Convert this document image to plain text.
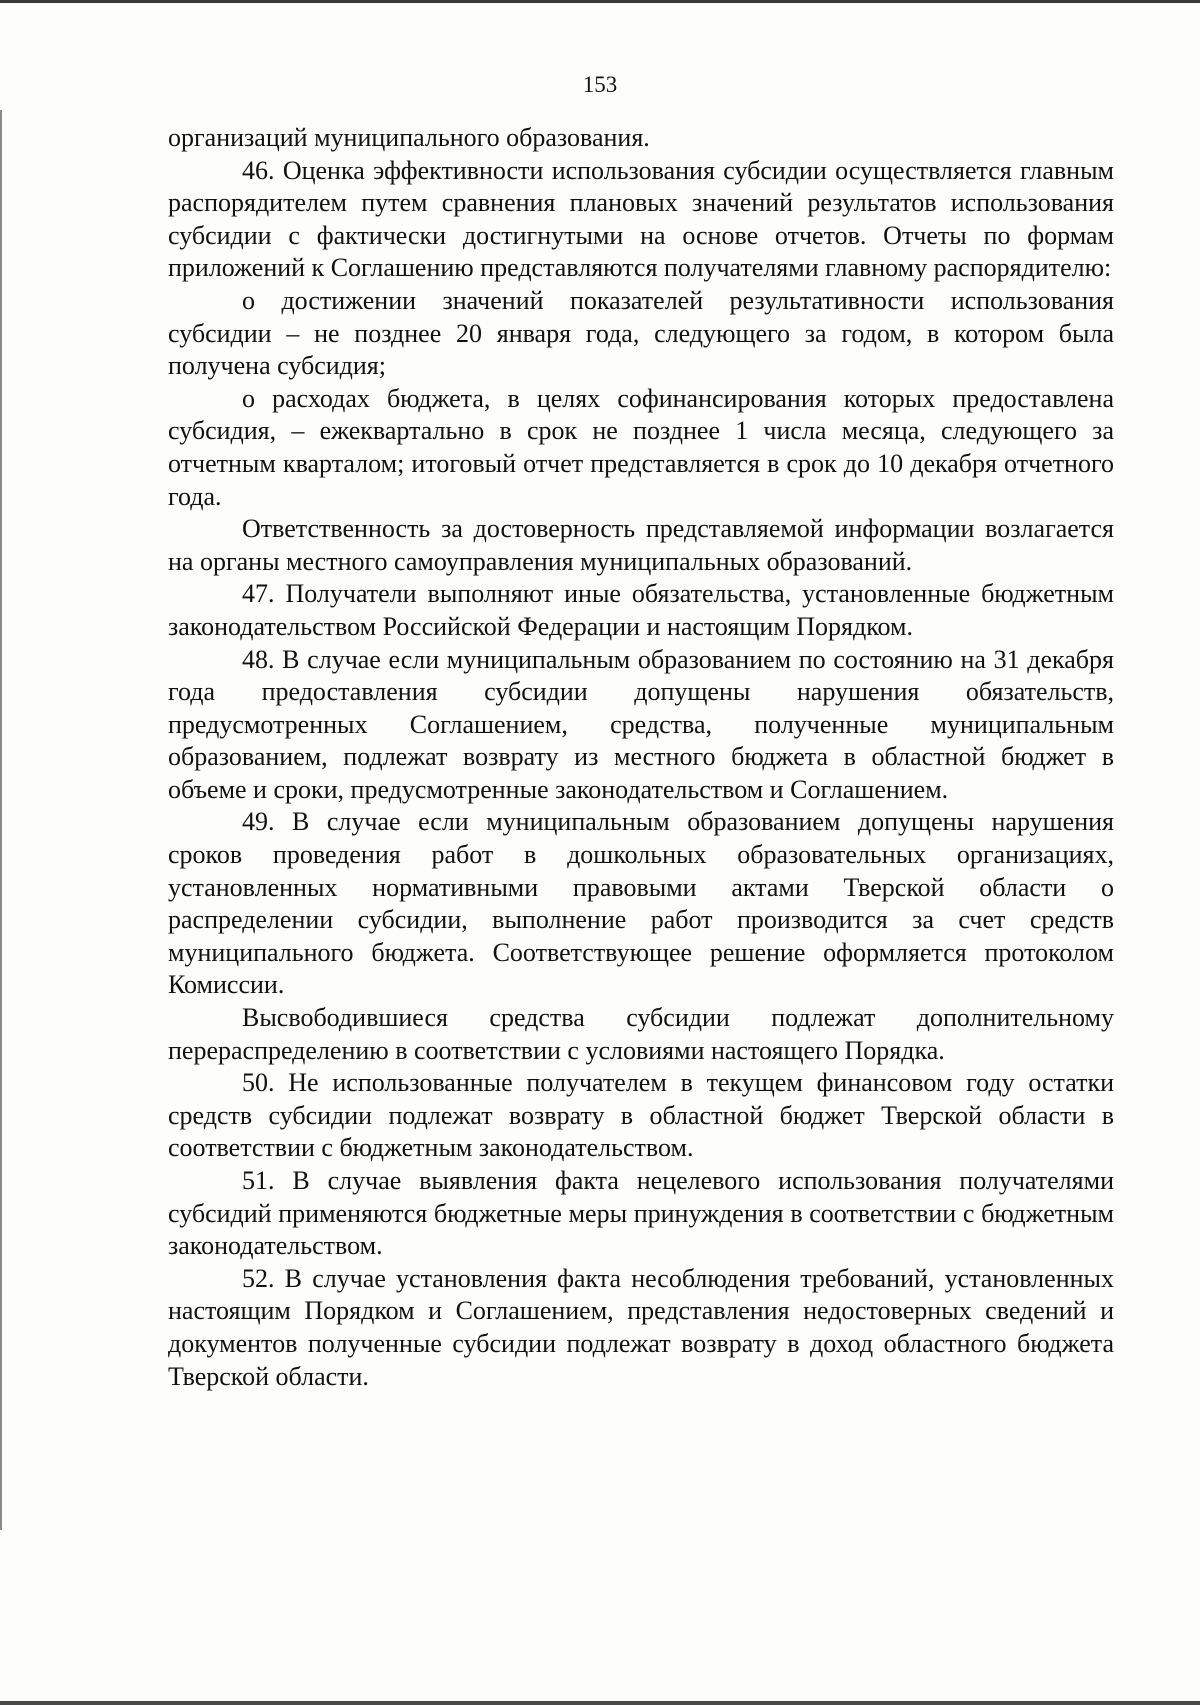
153

организаций муниципального образования.

46. Оценка эффективности использования субсидии осуществляется главным распорядителем путем сравнения плановых значений результатов использования субсидии с фактически достигнутыми на основе отчетов. Отчеты по формам приложений к Соглашению представляются получателями главному распорядителю:

о достижении значений показателей результативности использования субсидии – не позднее 20 января года, следующего за годом, в котором была получена субсидия;

о расходах бюджета, в целях софинансирования которых предоставлена субсидия, – ежеквартально в срок не позднее 1 числа месяца, следующего за отчетным кварталом; итоговый отчет представляется в срок до 10 декабря отчетного года.

Ответственность за достоверность представляемой информации возлагается на органы местного самоуправления муниципальных образований.

47. Получатели выполняют иные обязательства, установленные бюджетным законодательством Российской Федерации и настоящим Порядком.

48. В случае если муниципальным образованием по состоянию на 31 декабря года предоставления субсидии допущены нарушения обязательств, предусмотренных Соглашением, средства, полученные муниципальным образованием, подлежат возврату из местного бюджета в областной бюджет в объеме и сроки, предусмотренные законодательством и Соглашением.

49. В случае если муниципальным образованием допущены нарушения сроков проведения работ в дошкольных образовательных организациях, установленных нормативными правовыми актами Тверской области о распределении субсидии, выполнение работ производится за счет средств муниципального бюджета. Соответствующее решение оформляется протоколом Комиссии.

Высвободившиеся средства субсидии подлежат дополнительному перераспределению в соответствии с условиями настоящего Порядка.

50. Не использованные получателем в текущем финансовом году остатки средств субсидии подлежат возврату в областной бюджет Тверской области в соответствии с бюджетным законодательством.

51. В случае выявления факта нецелевого использования получателями субсидий применяются бюджетные меры принуждения в соответствии с бюджетным законодательством.

52. В случае установления факта несоблюдения требований, установленных настоящим Порядком и Соглашением, представления недостоверных сведений и документов полученные субсидии подлежат возврату в доход областного бюджета Тверской области.
